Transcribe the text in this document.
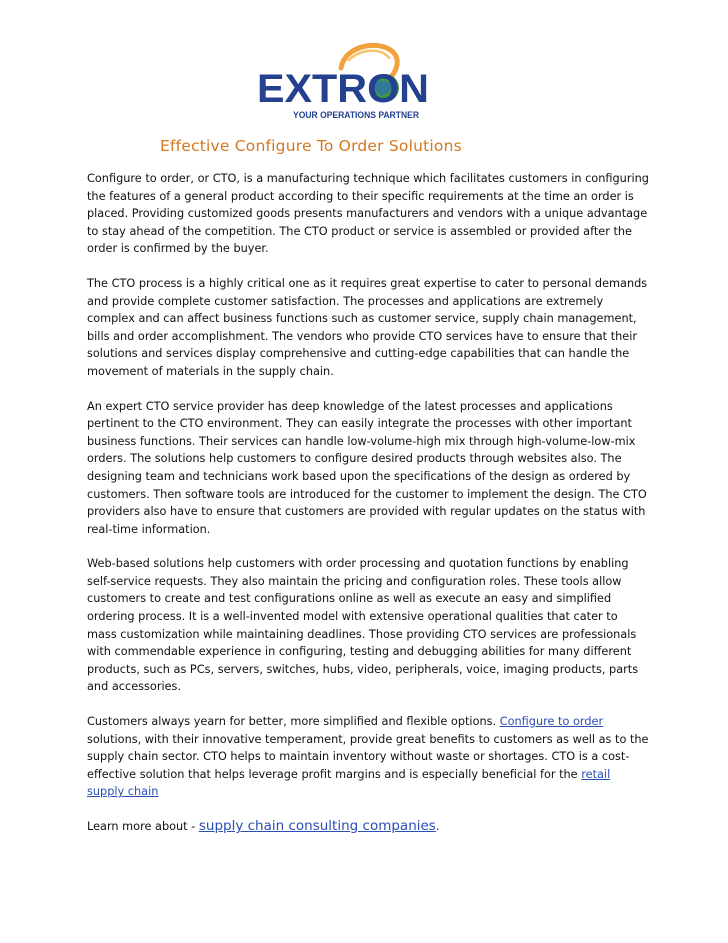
EXTRON
YOUR OPERATIONS PARTNER
Effective Configure To Order Solutions

Configure to order, or CTO, is a manufacturing technique which facilitates customers in configuring the features of a general product according to their specific requirements at the time an order is placed. Providing customized goods presents manufacturers and vendors with a unique advantage to stay ahead of the competition. The CTO product or service is assembled or provided after the order is confirmed by the buyer.

The CTO process is a highly critical one as it requires great expertise to cater to personal demands and provide complete customer satisfaction. The processes and applications are extremely complex and can affect business functions such as customer service, supply chain management, bills and order accomplishment. The vendors who provide CTO services have to ensure that their solutions and services display comprehensive and cutting-edge capabilities that can handle the movement of materials in the supply chain.

An expert CTO service provider has deep knowledge of the latest processes and applications pertinent to the CTO environment. They can easily integrate the processes with other important business functions. Their services can handle low-volume-high mix through high-volume-low-mix orders. The solutions help customers to configure desired products through websites also. The designing team and technicians work based upon the specifications of the design as ordered by customers. Then software tools are introduced for the customer to implement the design. The CTO providers also have to ensure that customers are provided with regular updates on the status with real-time information.

Web-based solutions help customers with order processing and quotation functions by enabling self-service requests. They also maintain the pricing and configuration roles. These tools allow customers to create and test configurations online as well as execute an easy and simplified ordering process. It is a well-invented model with extensive operational qualities that cater to mass customization while maintaining deadlines. Those providing CTO services are professionals with commendable experience in configuring, testing and debugging abilities for many different products, such as PCs, servers, switches, hubs, video, peripherals, voice, imaging products, parts and accessories.

Customers always yearn for better, more simplified and flexible options. Configure to order solutions, with their innovative temperament, provide great benefits to customers as well as to the supply chain sector. CTO helps to maintain inventory without waste or shortages. CTO is a cost-effective solution that helps leverage profit margins and is especially beneficial for the retail supply chain

Learn more about - supply chain consulting companies.
